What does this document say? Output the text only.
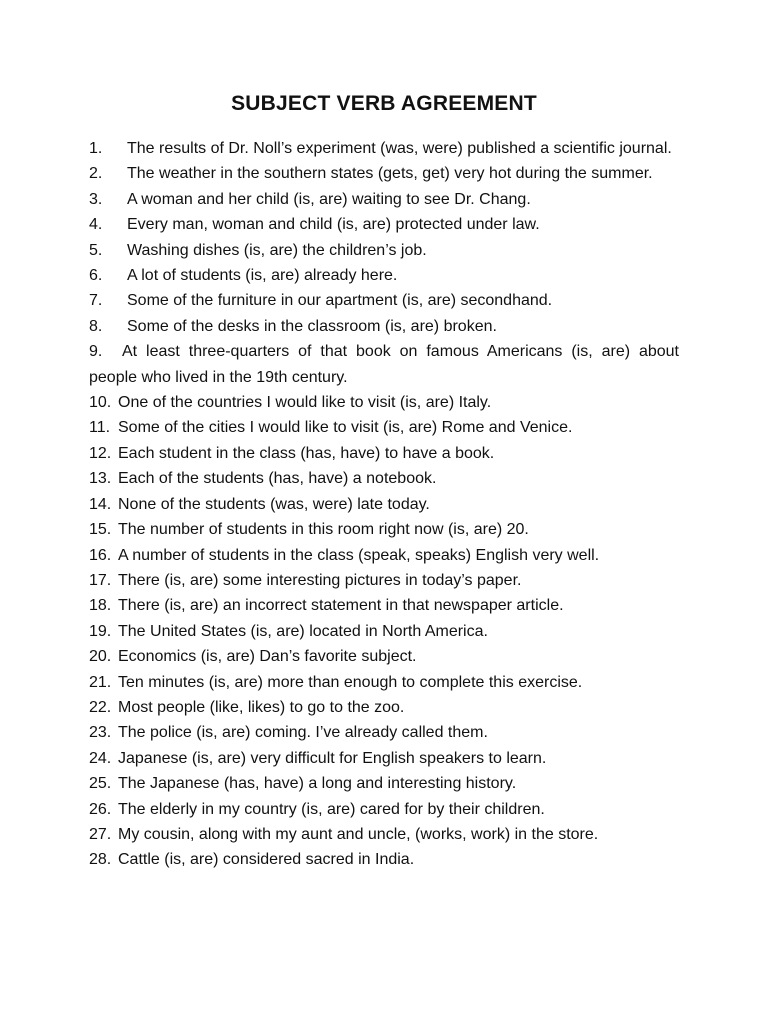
SUBJECT VERB AGREEMENT
1. The results of Dr. Noll’s experiment (was, were) published a scientific journal.
2. The weather in the southern states (gets, get) very hot during the summer.
3. A woman and her child (is, are) waiting to see Dr. Chang.
4. Every man, woman and child (is, are) protected under law.
5. Washing dishes (is, are) the children’s job.
6. A lot of students (is, are) already here.
7. Some of the furniture in our apartment (is, are) secondhand.
8. Some of the desks in the classroom (is, are) broken.
9. At least three-quarters of that book on famous Americans (is, are) about people who lived in the 19th century.
10. One of the countries I would like to visit (is, are) Italy.
11. Some of the cities I would like to visit (is, are) Rome and Venice.
12. Each student in the class (has, have) to have a book.
13. Each of the students (has, have) a notebook.
14. None of the students (was, were) late today.
15. The number of students in this room right now (is, are) 20.
16. A number of students in the class (speak, speaks) English very well.
17. There (is, are) some interesting pictures in today’s paper.
18. There (is, are) an incorrect statement in that newspaper article.
19. The United States (is, are) located in North America.
20. Economics (is, are) Dan’s favorite subject.
21. Ten minutes (is, are) more than enough to complete this exercise.
22. Most people (like, likes) to go to the zoo.
23. The police (is, are) coming. I’ve already called them.
24. Japanese (is, are) very difficult for English speakers to learn.
25. The Japanese (has, have) a long and interesting history.
26. The elderly in my country (is, are) cared for by their children.
27. My cousin, along with my aunt and uncle, (works, work) in the store.
28. Cattle (is, are) considered sacred in India.
